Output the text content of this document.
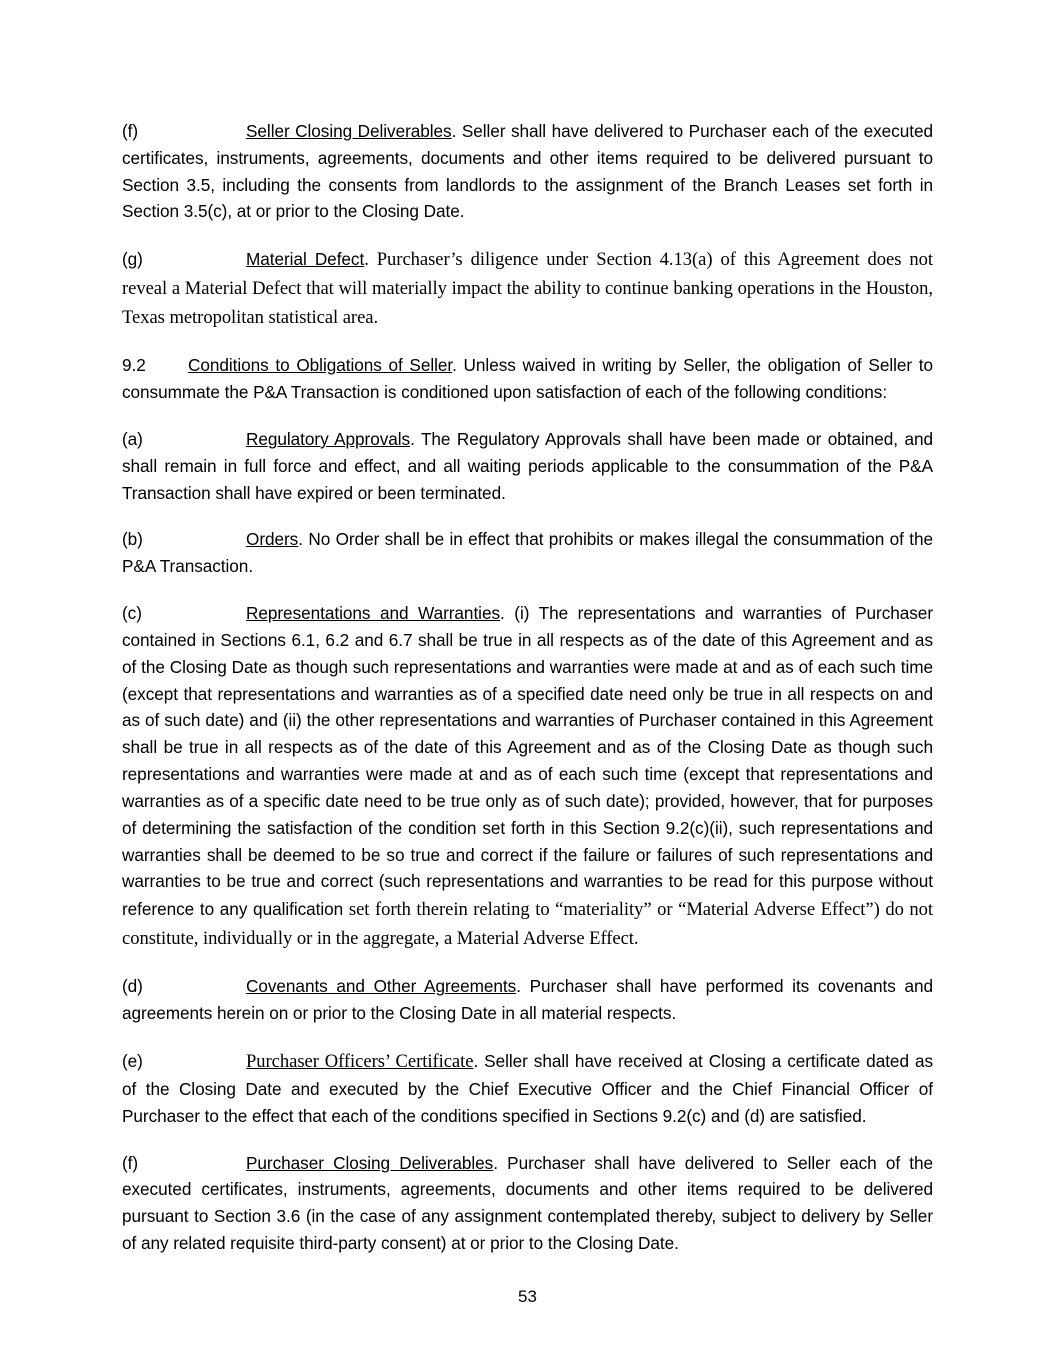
(f)	Seller Closing Deliverables. Seller shall have delivered to Purchaser each of the executed certificates, instruments, agreements, documents and other items required to be delivered pursuant to Section 3.5, including the consents from landlords to the assignment of the Branch Leases set forth in Section 3.5(c), at or prior to the Closing Date.

(g)	Material Defect. Purchaser’s diligence under Section 4.13(a) of this Agreement does not reveal a Material Defect that will materially impact the ability to continue banking operations in the Houston, Texas metropolitan statistical area.

9.2 Conditions to Obligations of Seller. Unless waived in writing by Seller, the obligation of Seller to consummate the P&A Transaction is conditioned upon satisfaction of each of the following conditions:

(a)	Regulatory Approvals. The Regulatory Approvals shall have been made or obtained, and shall remain in full force and effect, and all waiting periods applicable to the consummation of the P&A Transaction shall have expired or been terminated.

(b)	Orders. No Order shall be in effect that prohibits or makes illegal the consummation of the P&A Transaction.

(c)	Representations and Warranties. (i) The representations and warranties of Purchaser contained in Sections 6.1, 6.2 and 6.7 shall be true in all respects as of the date of this Agreement and as of the Closing Date as though such representations and warranties were made at and as of each such time (except that representations and warranties as of a specified date need only be true in all respects on and as of such date) and (ii) the other representations and warranties of Purchaser contained in this Agreement shall be true in all respects as of the date of this Agreement and as of the Closing Date as though such representations and warranties were made at and as of each such time (except that representations and warranties as of a specific date need to be true only as of such date); provided, however, that for purposes of determining the satisfaction of the condition set forth in this Section 9.2(c)(ii), such representations and warranties shall be deemed to be so true and correct if the failure or failures of such representations and warranties to be true and correct (such representations and warranties to be read for this purpose without reference to any qualification set forth therein relating to “materiality” or “Material Adverse Effect”) do not constitute, individually or in the aggregate, a Material Adverse Effect.

(d)	Covenants and Other Agreements. Purchaser shall have performed its covenants and agreements herein on or prior to the Closing Date in all material respects.

(e)	Purchaser Officers’ Certificate. Seller shall have received at Closing a certificate dated as of the Closing Date and executed by the Chief Executive Officer and the Chief Financial Officer of Purchaser to the effect that each of the conditions specified in Sections 9.2(c) and (d) are satisfied.

(f)	Purchaser Closing Deliverables. Purchaser shall have delivered to Seller each of the executed certificates, instruments, agreements, documents and other items required to be delivered pursuant to Section 3.6 (in the case of any assignment contemplated thereby, subject to delivery by Seller of any related requisite third-party consent) at or prior to the Closing Date.

53
